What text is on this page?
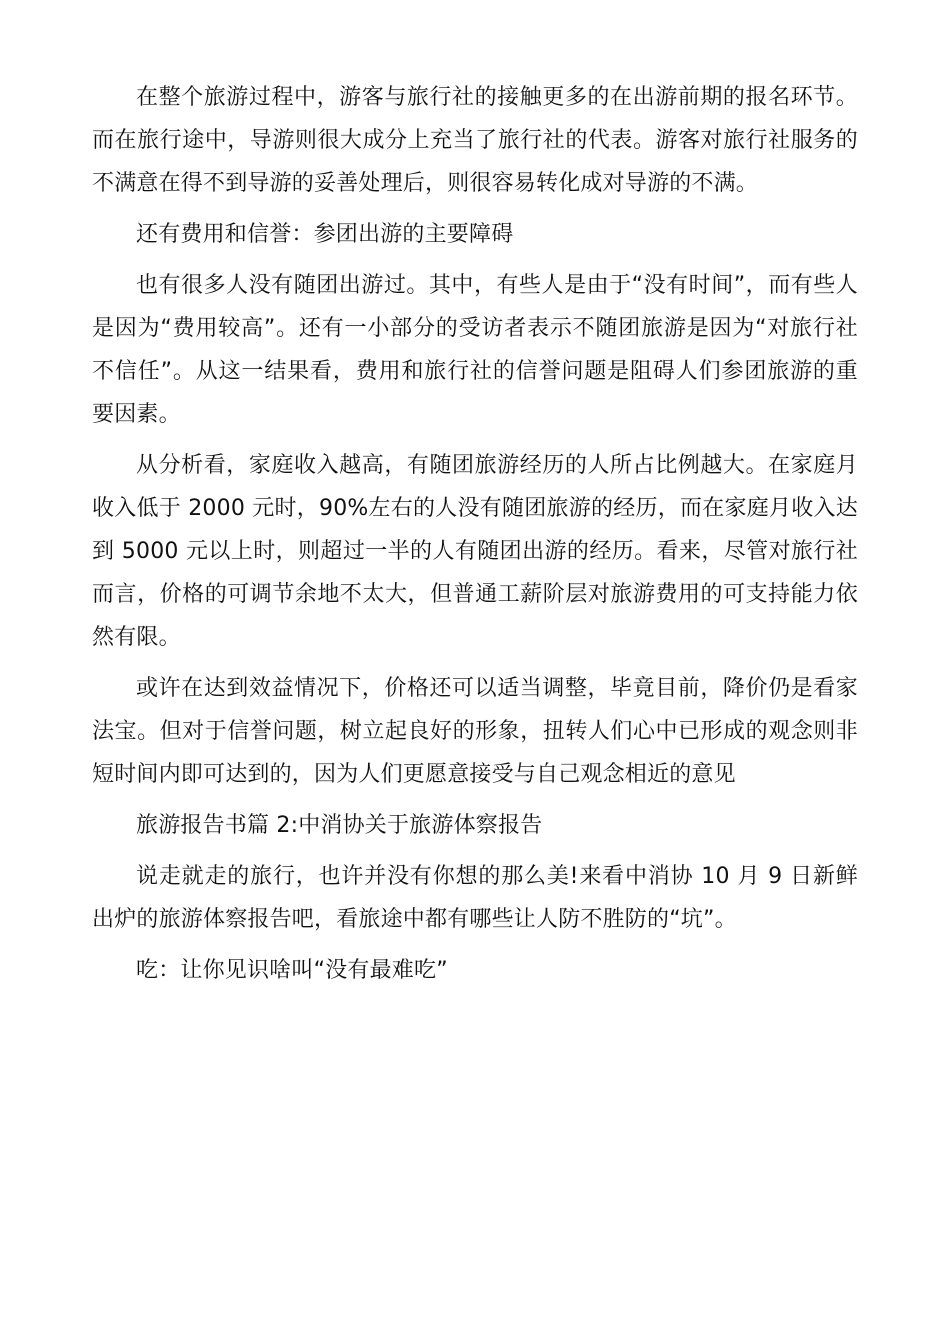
在整个旅游过程中，游客与旅行社的接触更多的在出游前期的报名环节。而在旅行途中，导游则很大成分上充当了旅行社的代表。游客对旅行社服务的不满意在得不到导游的妥善处理后，则很容易转化成对导游的不满。

还有费用和信誉：参团出游的主要障碍

也有很多人没有随团出游过。其中，有些人是由于“没有时间”，而有些人是因为“费用较高”。还有一小部分的受访者表示不随团旅游是因为“对旅行社不信任”。从这一结果看，费用和旅行社的信誉问题是阻碍人们参团旅游的重要因素。

从分析看，家庭收入越高，有随团旅游经历的人所占比例越大。在家庭月收入低于 2000 元时，90%左右的人没有随团旅游的经历，而在家庭月收入达到 5000 元以上时，则超过一半的人有随团出游的经历。看来，尽管对旅行社而言，价格的可调节余地不太大，但普通工薪阶层对旅游费用的可支持能力依然有限。

或许在达到效益情况下，价格还可以适当调整，毕竟目前，降价仍是看家法宝。但对于信誉问题，树立起良好的形象，扭转人们心中已形成的观念则非短时间内即可达到的，因为人们更愿意接受与自己观念相近的意见

旅游报告书篇 2:中消协关于旅游体察报告

说走就走的旅行，也许并没有你想的那么美!来看中消协 10 月 9 日新鲜出炉的旅游体察报告吧，看旅途中都有哪些让人防不胜防的“坑”。

吃：让你见识啥叫“没有最难吃”
